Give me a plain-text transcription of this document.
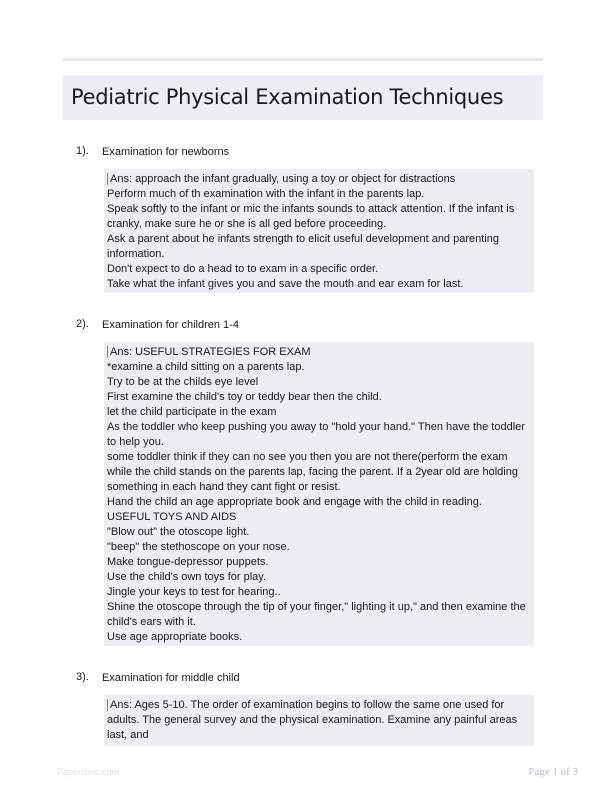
Pediatric Physical Examination Techniques
1). Examination for newborns

Ans: approach the infant gradually, using a toy or object for distractions

Perform much of th examination with the infant in the parents lap.

Speak softly to the infant or mic the infants sounds to attack attention. If the infant is cranky, make sure he or she is all ged before proceeding.

Ask a parent about he infants strength to elicit useful development and parenting information.

Don't expect to do a head to to exam in a specific order.

Take what the infant gives you and save the mouth and ear exam for last.

2). Examination for children 1-4

Ans: USEFUL STRATEGIES FOR EXAM

*examine a child sitting on a parents lap.

Try to be at the childs eye level

First examine the child's toy or teddy bear then the child.

let the child participate in the exam

As the toddler who keep pushing you away to "hold your hand." Then have the toddler to help you.

some toddler think if they can no see you then you are not there(perform the exam while the child stands on the parents lap, facing the parent. If a 2year old are holding something in each hand they cant fight or resist.

Hand the child an age appropriate book and engage with the child in reading.

USEFUL TOYS AND AIDS

"Blow out" the otoscope light.

"beep" the stethoscope on your nose.

Make tongue-depressor puppets.

Use the child's own toys for play.

Jingle your keys to test for hearing..

Shine the otoscope through the tip of your finger," lighting it up," and then examine the child's ears with it.

Use age appropriate books.

3). Examination for middle child

Ans: Ages 5-10. The order of examination begins to follow the same one used for adults. The general survey and the physical examination. Examine any painful areas last, and

Paperlibric.com	Page 1 of 3
